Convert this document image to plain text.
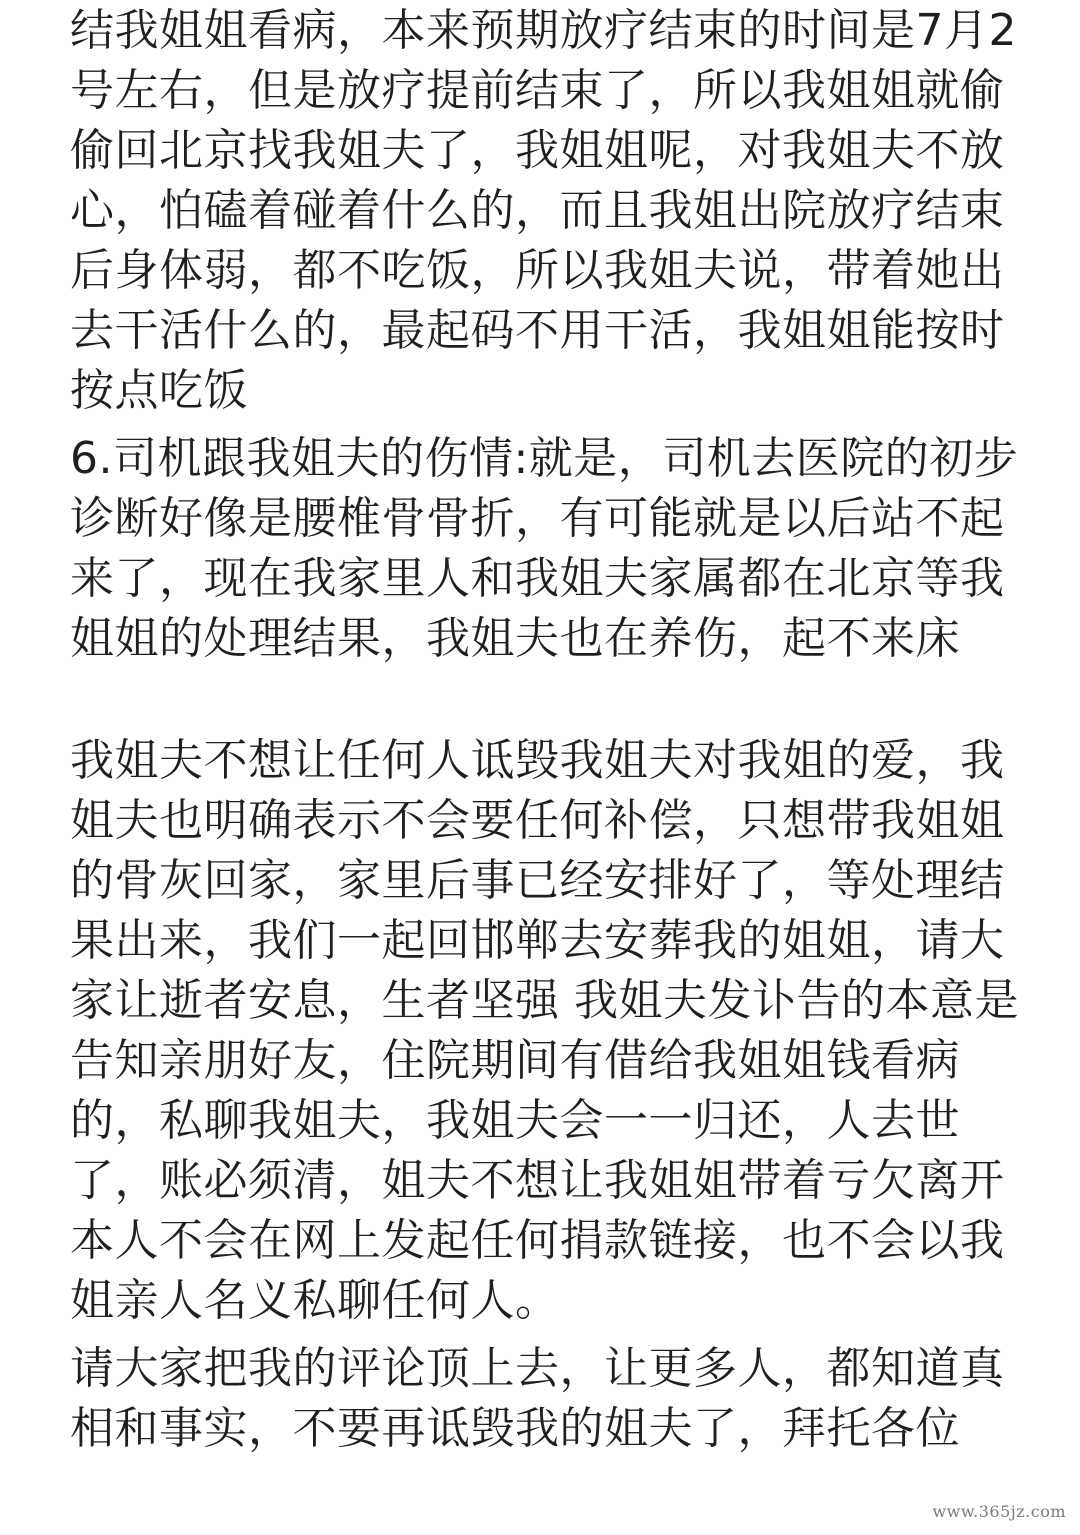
结我姐姐看病，本来预期放疗结束的时间是7月2

号左右，但是放疗提前结束了，所以我姐姐就偷

偷回北京找我姐夫了，我姐姐呢，对我姐夫不放

心，怕磕着碰着什么的，而且我姐出院放疗结束

后身体弱，都不吃饭，所以我姐夫说，带着她出

去干活什么的，最起码不用干活，我姐姐能按时

按点吃饭

6.司机跟我姐夫的伤情:就是，司机去医院的初步

诊断好像是腰椎骨骨折，有可能就是以后站不起

来了，现在我家里人和我姐夫家属都在北京等我

姐姐的处理结果，我姐夫也在养伤，起不来床

我姐夫不想让任何人诋毁我姐夫对我姐的爱，我

姐夫也明确表示不会要任何补偿，只想带我姐姐

的骨灰回家，家里后事已经安排好了，等处理结

果出来，我们一起回邯郸去安葬我的姐姐，请大

家让逝者安息，生者坚强 我姐夫发讣告的本意是

告知亲朋好友，住院期间有借给我姐姐钱看病

的，私聊我姐夫，我姐夫会一一归还，人去世

了，账必须清，姐夫不想让我姐姐带着亏欠离开

本人不会在网上发起任何捐款链接，也不会以我

姐亲人名义私聊任何人。

请大家把我的评论顶上去，让更多人，都知道真

相和事实，不要再诋毁我的姐夫了，拜托各位

www.365jz.com
